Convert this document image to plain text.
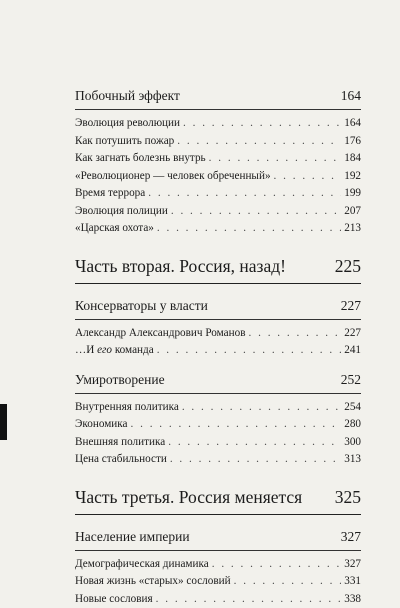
Побочный эффект	164
Эволюция революции . . .	164
Как потушить пожар . . .	176
Как загнать болезнь внутрь . . .	184
«Революционер — человек обреченный» . . .	192
Время террора . . .	199
Эволюция полиции . . .	207
«Царская охота» . . .	213
Часть вторая. Россия, назад!	225
Консерваторы у власти	227
Александр Александрович Романов . . .	227
…И его команда . . .	241
Умиротворение	252
Внутренняя политика . . .	254
Экономика . . .	280
Внешняя политика . . .	300
Цена стабильности . . .	313
Часть третья. Россия меняется 325
Население империи	327
Демографическая динамика . . .	327
Новая жизнь «старых» сословий . . .	331
Новые сословия . . .	338
